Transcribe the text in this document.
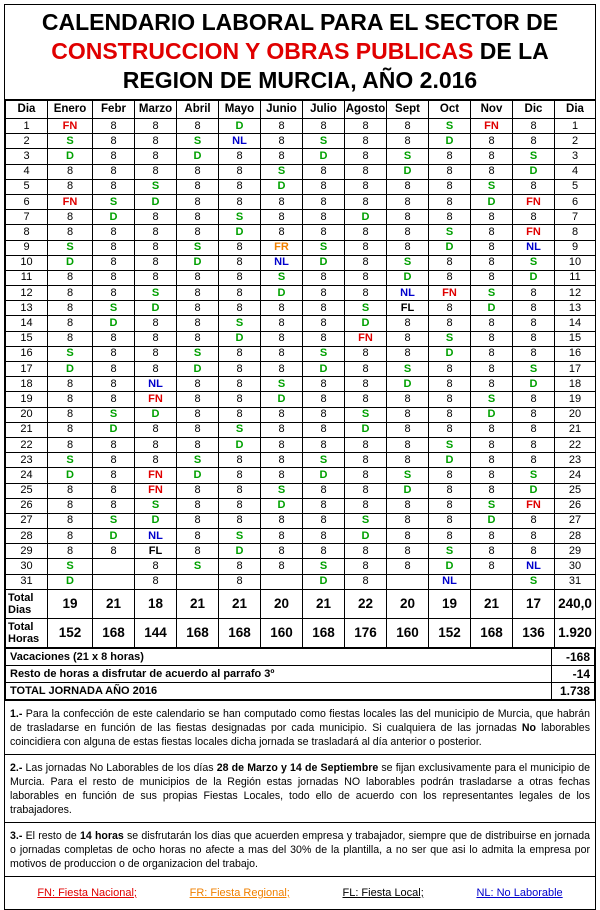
CALENDARIO LABORAL PARA EL SECTOR DE
CONSTRUCCION Y OBRAS PUBLICAS DE LA
REGION DE MURCIA, AÑO 2.016
Dia	Enero	Febr	Marzo	Abril	Mayo	Junio	Julio	Agosto	Sept	Oct	Nov	Dic	Dia
1	FN	8	8	8	D	8	8	8	8	S	FN	8	1
2	S	8	8	S	NL	8	S	8	8	D	8	8	2
3	D	8	8	D	8	8	D	8	S	8	8	S	3
4	8	8	8	8	8	S	8	8	D	8	8	D	4
5	8	8	S	8	8	D	8	8	8	8	S	8	5
6	FN	S	D	8	8	8	8	8	8	8	D	FN	6
7	8	D	8	8	S	8	8	D	8	8	8	8	7
8	8	8	8	8	D	8	8	8	8	S	8	FN	8
9	S	8	8	S	8	FR	S	8	8	D	8	NL	9
10	D	8	8	D	8	NL	D	8	S	8	8	S	10
11	8	8	8	8	8	S	8	8	D	8	8	D	11
12	8	8	S	8	8	D	8	8	NL	FN	S	8	12
13	8	S	D	8	8	8	8	S	FL	8	D	8	13
14	8	D	8	8	S	8	8	D	8	8	8	8	14
15	8	8	8	8	D	8	8	FN	8	S	8	8	15
16	S	8	8	S	8	8	S	8	8	D	8	8	16
17	D	8	8	D	8	8	D	8	S	8	8	S	17
18	8	8	NL	8	8	S	8	8	D	8	8	D	18
19	8	8	FN	8	8	D	8	8	8	8	S	8	19
20	8	S	D	8	8	8	8	S	8	8	D	8	20
21	8	D	8	8	S	8	8	D	8	8	8	8	21
22	8	8	8	8	D	8	8	8	8	S	8	8	22
23	S	8	8	S	8	8	S	8	8	D	8	8	23
24	D	8	FN	D	8	8	D	8	S	8	8	S	24
25	8	8	FN	8	8	S	8	8	D	8	8	D	25
26	8	8	S	8	8	D	8	8	8	8	S	FN	26
27	8	S	D	8	8	8	8	S	8	8	D	8	27
28	8	D	NL	8	S	8	8	D	8	8	8	8	28
29	8	8	FL	8	D	8	8	8	8	S	8	8	29
30	S		8	S	8	8	S	8	8	D	8	NL	30
31	D		8		8		D	8		NL		S	31
Total Dias	19	21	18	21	21	20	21	22	20	19	21	17	240,0
Total Horas	152	168	144	168	168	160	168	176	160	152	168	136	1.920
Vacaciones (21 x 8 horas)	-168
Resto de horas a disfrutar de acuerdo al parrafo 3º	-14
TOTAL JORNADA AÑO 2016	1.738
1.- Para la confección de este calendario se han computado como fiestas locales las del municipio de Murcia, que habrán de trasladarse en función de las fiestas designadas por cada municipio. Si cualquiera de las jornadas No laborables coincidiera con alguna de estas fiestas locales dicha jornada se trasladará al día anterior o posterior.
2.- Las jornadas No Laborables de los días 28 de Marzo y 14 de Septiembre se fijan exclusivamente para el municipio de Murcia. Para el resto de municipios de la Región estas jornadas NO laborables podrán trasladarse a otras fechas laborables en función de sus propias Fiestas Locales, todo ello de acuerdo con los representantes legales de los trabajadores.
3.- El resto de 14 horas se disfrutarán los dias que acuerden empresa y trabajador, siempre que de distribuirse en jornada o jornadas completas de ocho horas no afecte a mas del 30% de la plantilla, a no ser que asi lo admita la empresa por motivos de produccion o de organizacion del trabajo.
FN: Fiesta Nacional;	FR: Fiesta Regional;	FL: Fiesta Local;	NL: No Laborable
